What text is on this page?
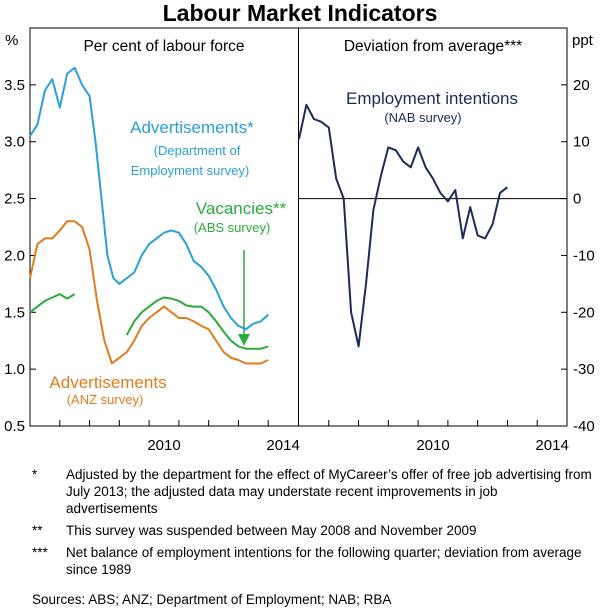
Labour Market Indicators
%	ppt
Per cent of labour force	Deviation from average***
0.5
1.0
1.5
2.0
2.5
3.0
3.5
2010	2014
-40
-30
-20
-10
0
10
20
2010	2014
Advertisements*
(Department of
Employment survey)
Vacancies**
(ABS survey)
Advertisements
(ANZ survey)
Employment intentions
(NAB survey)
*	Adjusted by the department for the effect of MyCareer’s offer of free job advertising from July 2013; the adjusted data may understate recent improvements in job advertisements
**	This survey was suspended between May 2008 and November 2009
***	Net balance of employment intentions for the following quarter; deviation from average since 1989
Sources: ABS; ANZ; Department of Employment; NAB; RBA
